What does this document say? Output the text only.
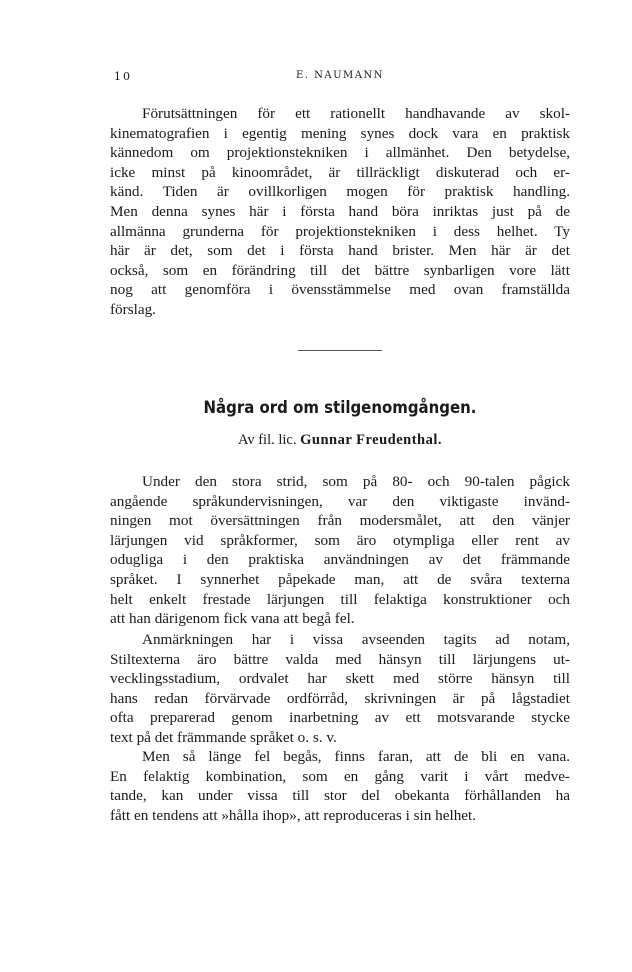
10	E. NAUMANN
Förutsättningen för ett rationellt handhavande av skol-
kinematografien i egentig mening synes dock vara en praktisk
kännedom om projektionstekniken i allmänhet. Den betydelse,
icke minst på kinoområdet, är tillräckligt diskuterad och er-
känd. Tiden är ovillkorligen mogen för praktisk handling.
Men denna synes här i första hand böra inriktas just på de
allmänna grunderna för projektionstekniken i dess helhet. Ty
här är det, som det i första hand brister. Men här är det
också, som en förändring till det bättre synbarligen vore lätt
nog att genomföra i övensstämmelse med ovan framställda
förslag.
Några ord om stilgenomgången.
Av fil. lic. Gunnar Freudenthal.
Under den stora strid, som på 80- och 90-talen pågick
angående språkundervisningen, var den viktigaste invänd-
ningen mot översättningen från modersmålet, att den vänjer
lärjungen vid språkformer, som äro otympliga eller rent av
odugliga i den praktiska användningen av det främmande
språket. I synnerhet påpekade man, att de svåra texterna
helt enkelt frestade lärjungen till felaktiga konstruktioner och
att han därigenom fick vana att begå fel.
Anmärkningen har i vissa avseenden tagits ad notam,
Stiltexterna äro bättre valda med hänsyn till lärjungens ut-
vecklingsstadium, ordvalet har skett med större hänsyn till
hans redan förvärvade ordförråd, skrivningen är på lågstadiet
ofta preparerad genom inarbetning av ett motsvarande stycke
text på det främmande språket o. s. v.
Men så länge fel begås, finns faran, att de bli en vana.
En felaktig kombination, som en gång varit i vårt medve-
tande, kan under vissa till stor del obekanta förhållanden ha
fått en tendens att »hålla ihop», att reproduceras i sin helhet.
